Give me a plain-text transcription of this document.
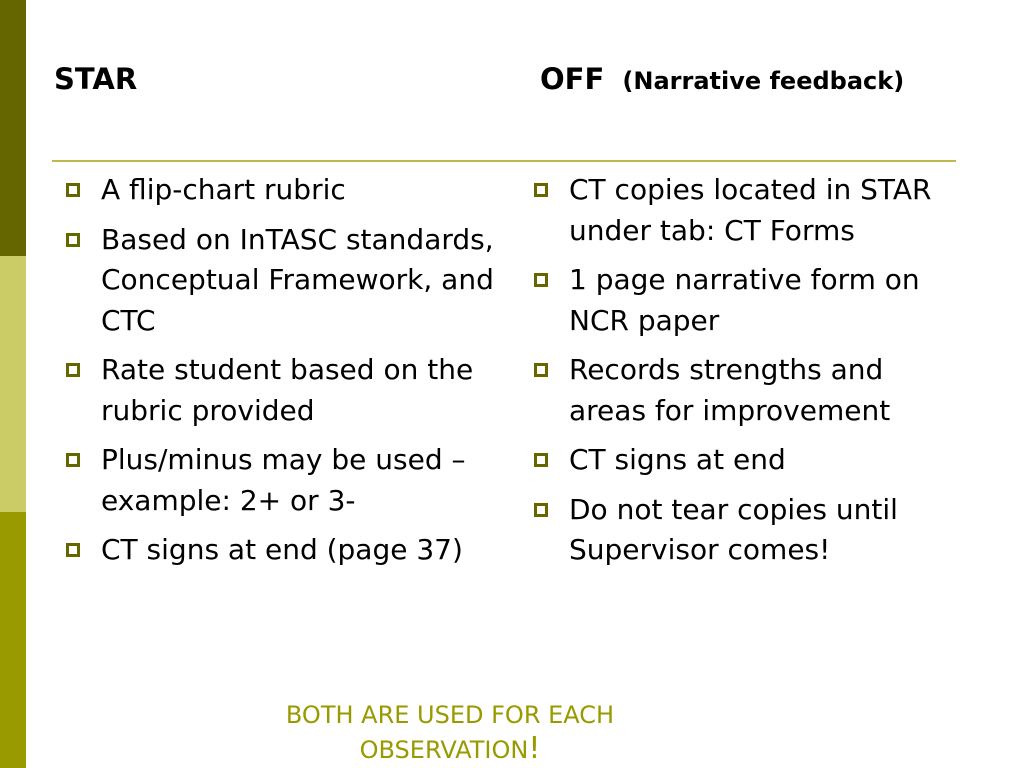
STAR	OFF (Narrative feedback)
A flip-chart rubric
Based on InTASC standards, Conceptual Framework, and CTC
Rate student based on the rubric provided
Plus/minus may be used – example: 2+ or 3-
CT signs at end (page 37)
CT copies located in STAR under tab: CT Forms
1 page narrative form on NCR paper
Records strengths and areas for improvement
CT signs at end
Do not tear copies until Supervisor comes!
BOTH ARE USED FOR EACH OBSERVATION!
